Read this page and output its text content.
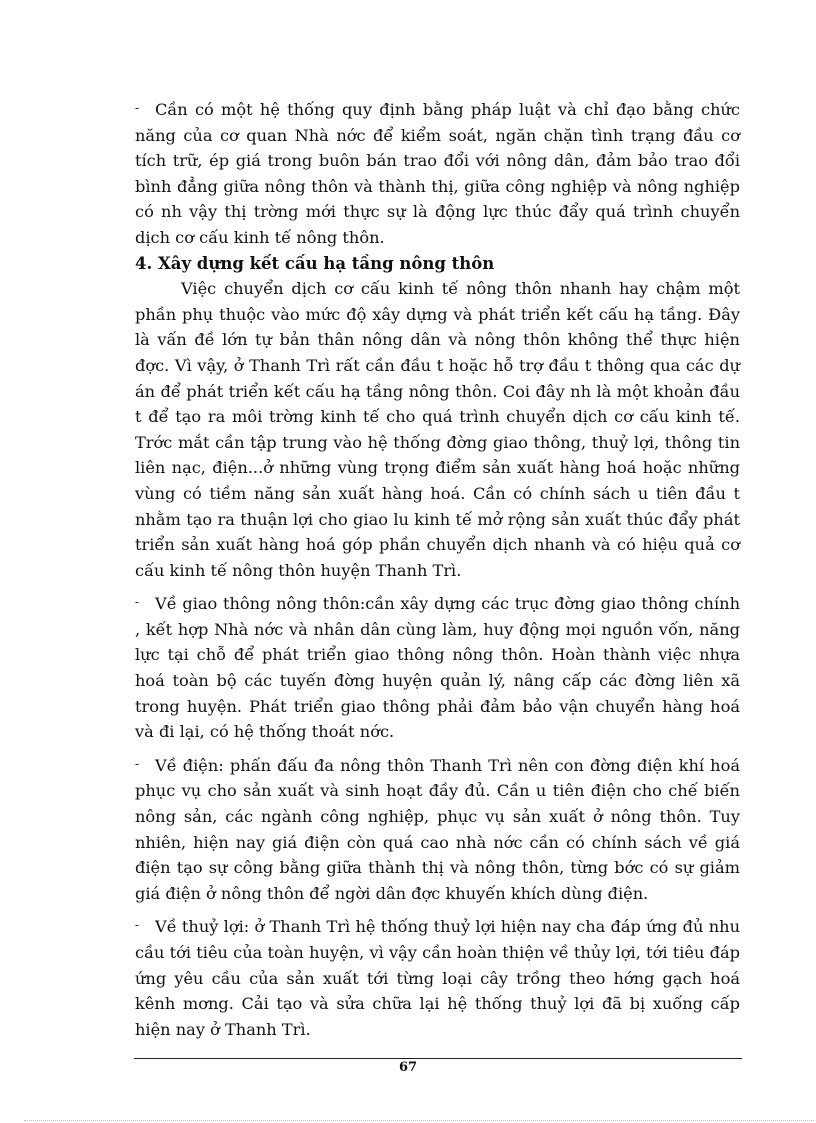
- Cần có một hệ thống quy định bằng pháp luật và chỉ đạo bằng chức năng của cơ quan Nhà nớc để kiểm soát, ngăn chặn tình trạng đầu cơ tích trữ, ép giá trong buôn bán trao đổi với nông dân, đảm bảo trao đổi bình đẳng giữa nông thôn và thành thị, giữa công nghiệp và nông nghiệp có nh vậy thị trờng mới thực sự là động lực thúc đẩy quá trình chuyển dịch cơ cấu kinh tế nông thôn.

4. Xây dựng kết cấu hạ tầng nông thôn

Việc chuyển dịch cơ cấu kinh tế nông thôn nhanh hay chậm một phần phụ thuộc vào mức độ xây dựng và phát triển kết cấu hạ tầng. Đây là vấn đề lớn tự bản thân nông dân và nông thôn không thể thực hiện đợc. Vì vậy, ở Thanh Trì rất cần đầu t hoặc hỗ trợ đầu t thông qua các dự án để phát triển kết cấu hạ tầng nông thôn. Coi đây nh là một khoản đầu t để tạo ra môi trờng kinh tế cho quá trình chuyển dịch cơ cấu kinh tế. Trớc mắt cần tập trung vào hệ thống đờng giao thông, thuỷ lợi, thông tin liên nạc, điện...ở những vùng trọng điểm sản xuất hàng hoá hoặc những vùng có tiềm năng sản xuất hàng hoá. Cần có chính sách u tiên đầu t nhằm tạo ra thuận lợi cho giao lu kinh tế mở rộng sản xuất thúc đẩy phát triển sản xuất hàng hoá góp phần chuyển dịch nhanh và có hiệu quả cơ cấu kinh tế nông thôn huyện Thanh Trì.

- Về giao thông nông thôn:cần xây dựng các trục đờng giao thông chính , kết hợp Nhà nớc và nhân dân cùng làm, huy động mọi nguồn vốn, năng lực tại chỗ để phát triển giao thông nông thôn. Hoàn thành việc nhựa hoá toàn bộ các tuyến đờng huyện quản lý, nâng cấp các đờng liên xã trong huyện. Phát triển giao thông phải đảm bảo vận chuyển hàng hoá và đi lại, có hệ thống thoát nớc.

- Về điện: phấn đấu đa nông thôn Thanh Trì nên con đờng điện khí hoá phục vụ cho sản xuất và sinh hoạt đầy đủ. Cần u tiên điện cho chế biến nông sản, các ngành công nghiệp, phục vụ sản xuất ở nông thôn. Tuy nhiên, hiện nay giá điện còn quá cao nhà nớc cần có chính sách về giá điện tạo sự công bằng giữa thành thị và nông thôn, từng bớc có sự giảm giá điện ở nông thôn để ngời dân đợc khuyến khích dùng điện.

- Về thuỷ lợi: ở Thanh Trì hệ thống thuỷ lợi hiện nay cha đáp ứng đủ nhu cầu tới tiêu của toàn huyện, vì vậy cần hoàn thiện về thủy lợi, tới tiêu đáp ứng yêu cầu của sản xuất tới từng loại cây trồng theo hớng gạch hoá kênh mơng. Cải tạo và sửa chữa lại hệ thống thuỷ lợi đã bị xuống cấp hiện nay ở Thanh Trì.

67
